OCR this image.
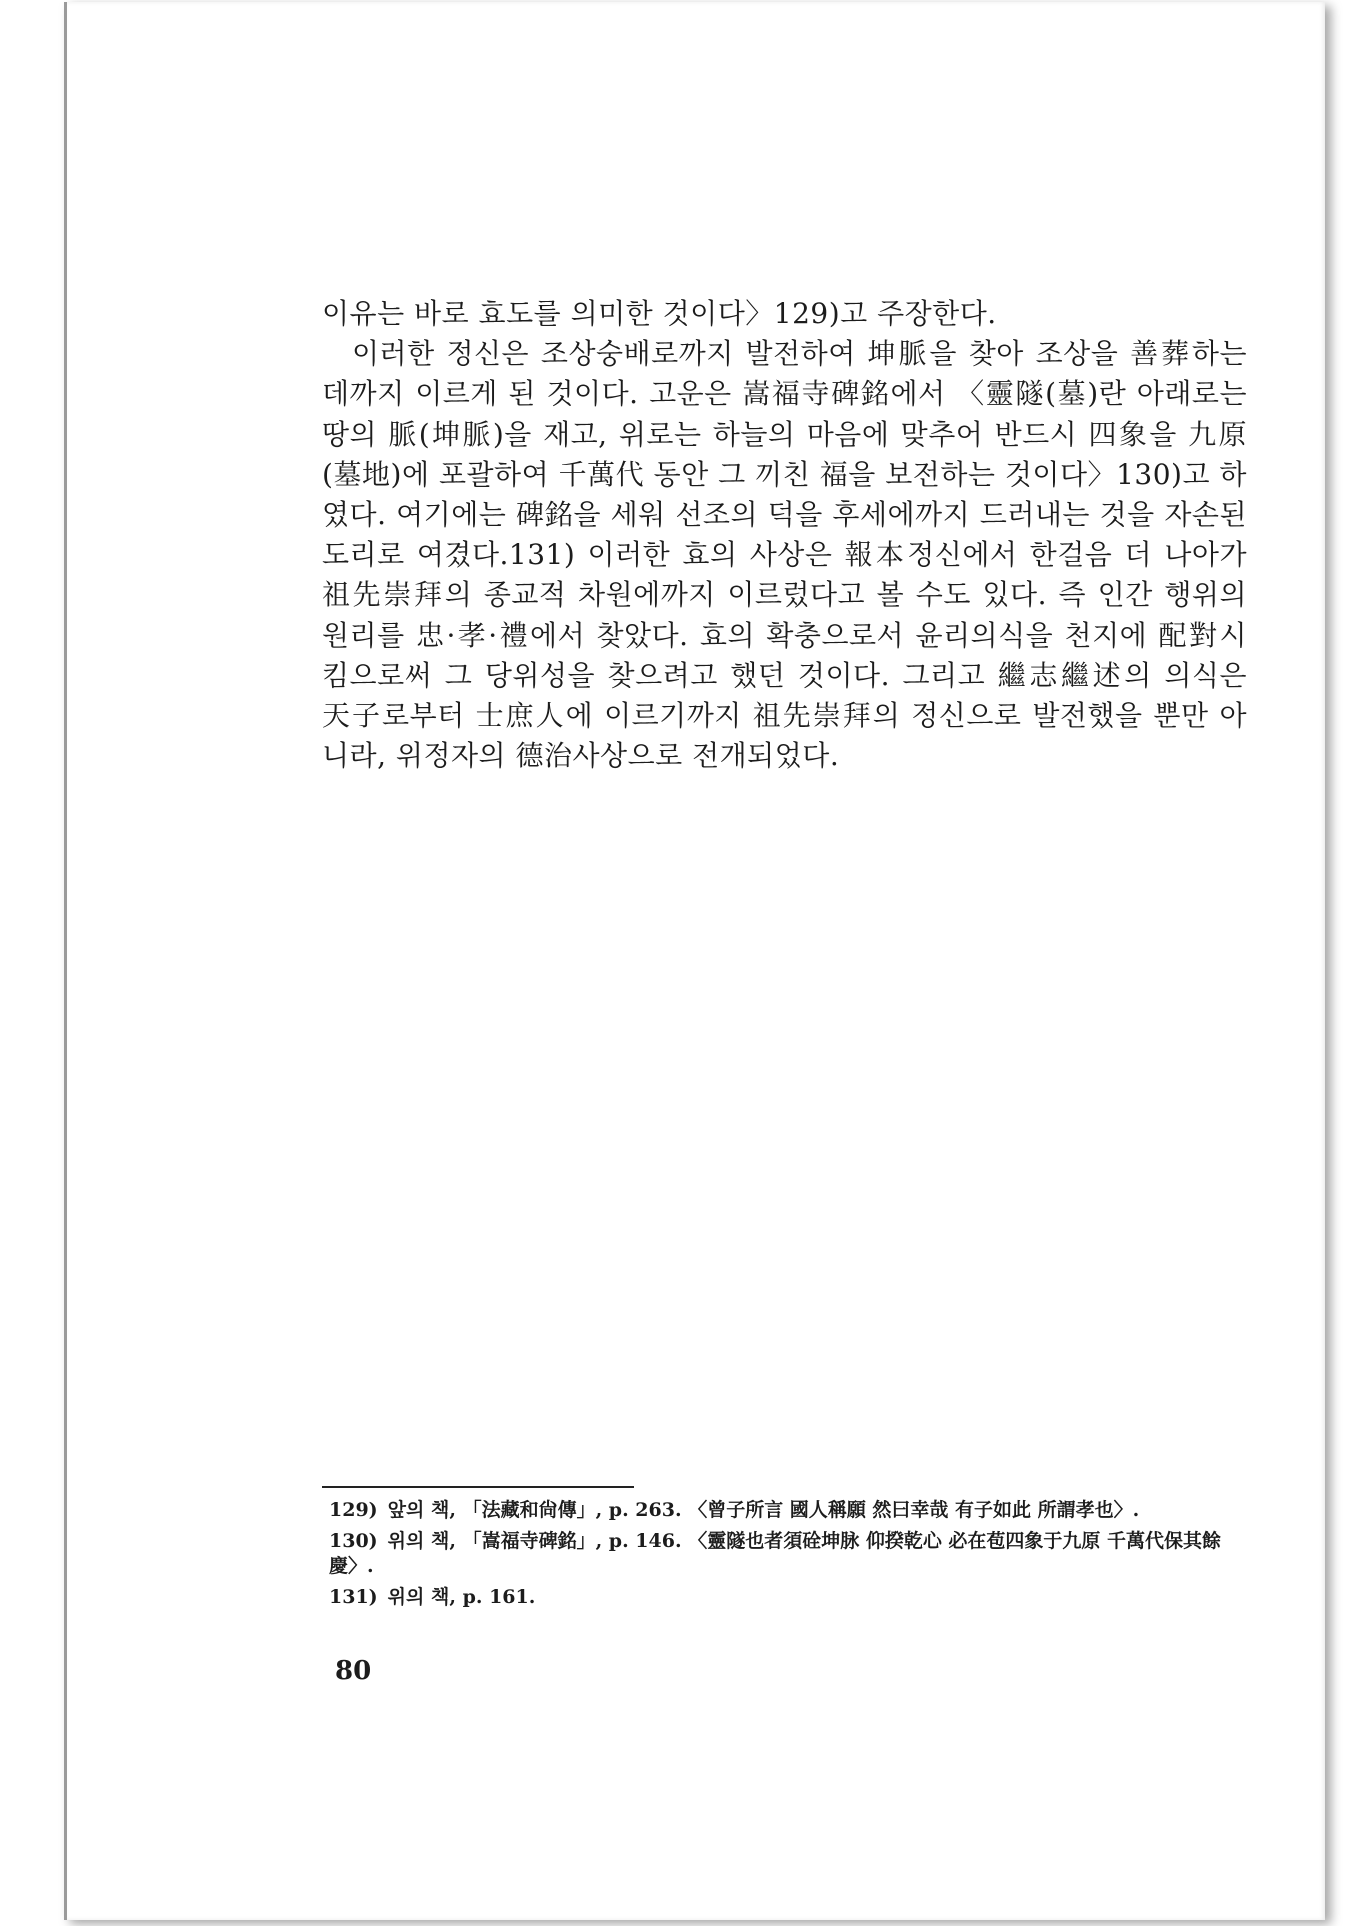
이유는 바로 효도를 의미한 것이다〉129)고 주장한다.

이러한 정신은 조상숭배로까지 발전하여 坤脈을 찾아 조상을 善葬하는 데까지 이르게 된 것이다. 고운은 嵩福寺碑銘에서 〈靈隧(墓)란 아래로는 땅의 脈(坤脈)을 재고, 위로는 하늘의 마음에 맞추어 반드시 四象을 九原(墓地)에 포괄하여 千萬代 동안 그 끼친 福을 보전하는 것이다〉130)고 하였다. 여기에는 碑銘을 세워 선조의 덕을 후세에까지 드러내는 것을 자손된 도리로 여겼다.131) 이러한 효의 사상은 報本정신에서 한걸음 더 나아가 祖先崇拜의 종교적 차원에까지 이르렀다고 볼 수도 있다. 즉 인간 행위의 원리를 忠·孝·禮에서 찾았다. 효의 확충으로서 윤리의식을 천지에 配對시킴으로써 그 당위성을 찾으려고 했던 것이다. 그리고 繼志繼述의 의식은 天子로부터 士庶人에 이르기까지 祖先崇拜의 정신으로 발전했을 뿐만 아니라, 위정자의 德治사상으로 전개되었다.

129) 앞의 책, 「法藏和尙傳」, p. 263. 〈曾子所言 國人稱願 然曰幸哉 有子如此 所謂孝也〉.
130) 위의 책, 「嵩福寺碑銘」, p. 146. 〈靈隧也者須硂坤脉 仰揆乾心 必在苞四象于九原 千萬代保其餘慶〉.
131) 위의 책, p. 161.
80
